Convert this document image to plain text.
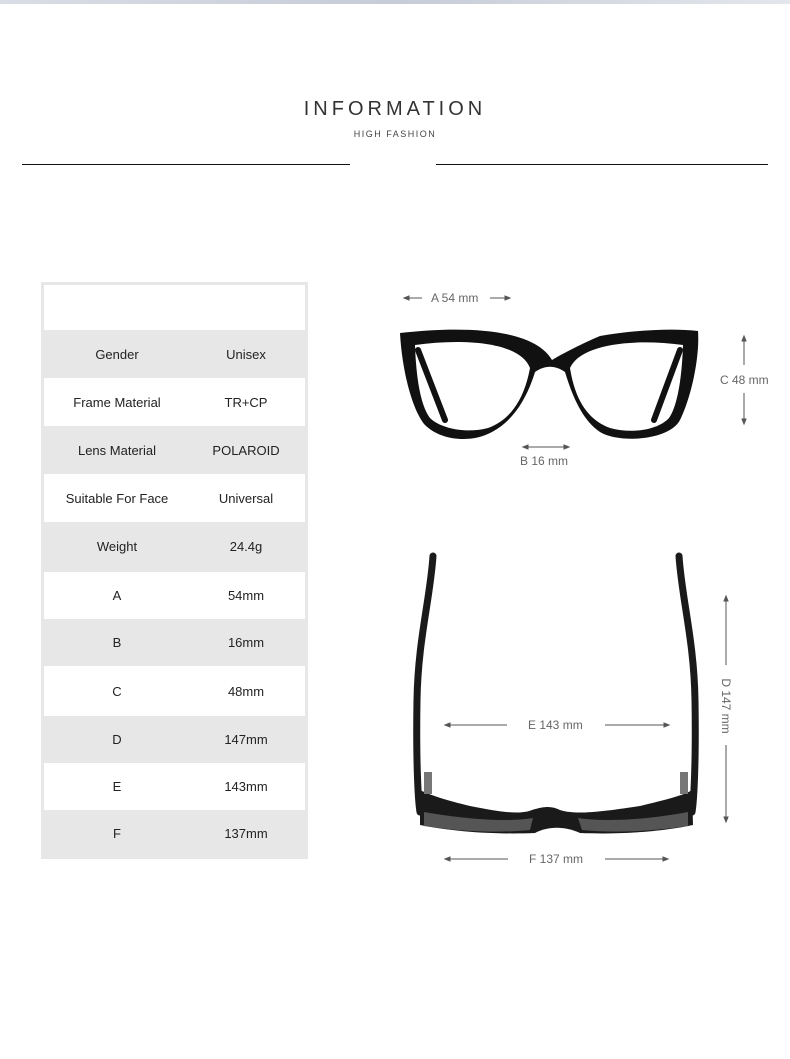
INFORMATION
HIGH FASHION
Gender	Unisex
Frame Material	TR+CP
Lens Material	POLAROID
Suitable For Face	Universal
Weight	24.4g
A	54mm
B	16mm
C	48mm
D	147mm
E	143mm
F	137mm
A 54 mm
B 16 mm
C 48 mm
D 147 mm
E 143 mm
F 137 mm
